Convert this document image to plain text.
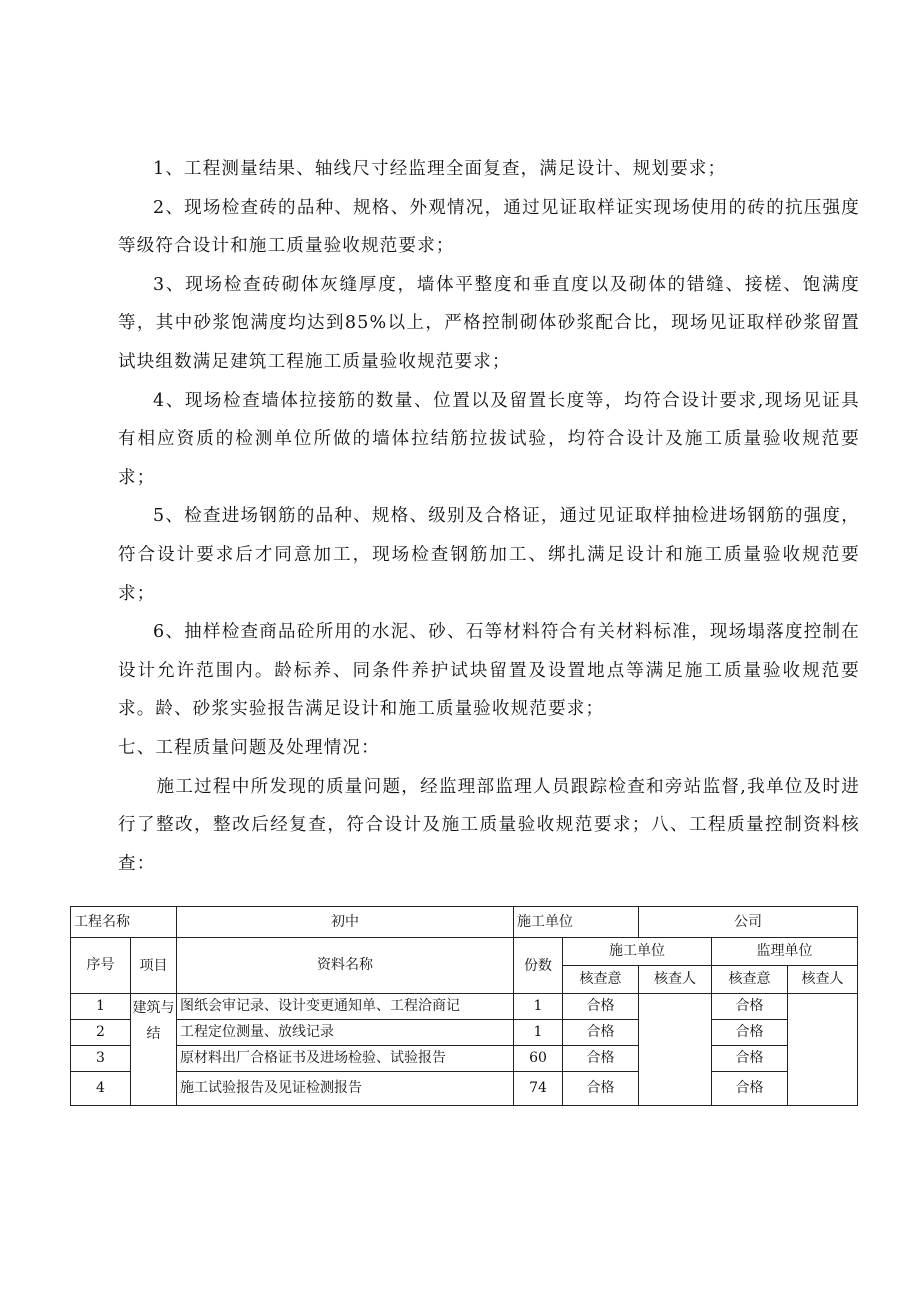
1、工程测量结果、轴线尺寸经监理全面复查，满足设计、规划要求；

2、现场检查砖的品种、规格、外观情况，通过见证取样证实现场使用的砖的抗压强度等级符合设计和施工质量验收规范要求；

3、现场检查砖砌体灰缝厚度，墙体平整度和垂直度以及砌体的错缝、接槎、饱满度等，其中砂浆饱满度均达到85%以上，严格控制砌体砂浆配合比，现场见证取样砂浆留置试块组数满足建筑工程施工质量验收规范要求；

4、现场检查墙体拉接筋的数量、位置以及留置长度等，均符合设计要求,现场见证具有相应资质的检测单位所做的墙体拉结筋拉拔试验，均符合设计及施工质量验收规范要求；

5、检查进场钢筋的品种、规格、级别及合格证，通过见证取样抽检进场钢筋的强度，符合设计要求后才同意加工，现场检查钢筋加工、绑扎满足设计和施工质量验收规范要求；

6、抽样检查商品砼所用的水泥、砂、石等材料符合有关材料标准，现场塌落度控制在设计允许范围内。龄标养、同条件养护试块留置及设置地点等满足施工质量验收规范要求。龄、砂浆实验报告满足设计和施工质量验收规范要求；

七、工程质量问题及处理情况：

施工过程中所发现的质量问题，经监理部监理人员跟踪检查和旁站监督,我单位及时进行了整改，整改后经复查，符合设计及施工质量验收规范要求；八、工程质量控制资料核查：

工程名称		初中	施工单位		公司		
序号	项目	资料名称	份数	施工单位		监理单位	
				核查意	核查人	核查意	核查人
1	建筑与结	图纸会审记录、设计变更通知单、工程洽商记	1	合格		合格	
2		工程定位测量、放线记录	1	合格		合格	
3		原材料出厂合格证书及进场检验、试验报告	60	合格		合格	
4		施工试验报告及见证检测报告	74	合格		合格	
